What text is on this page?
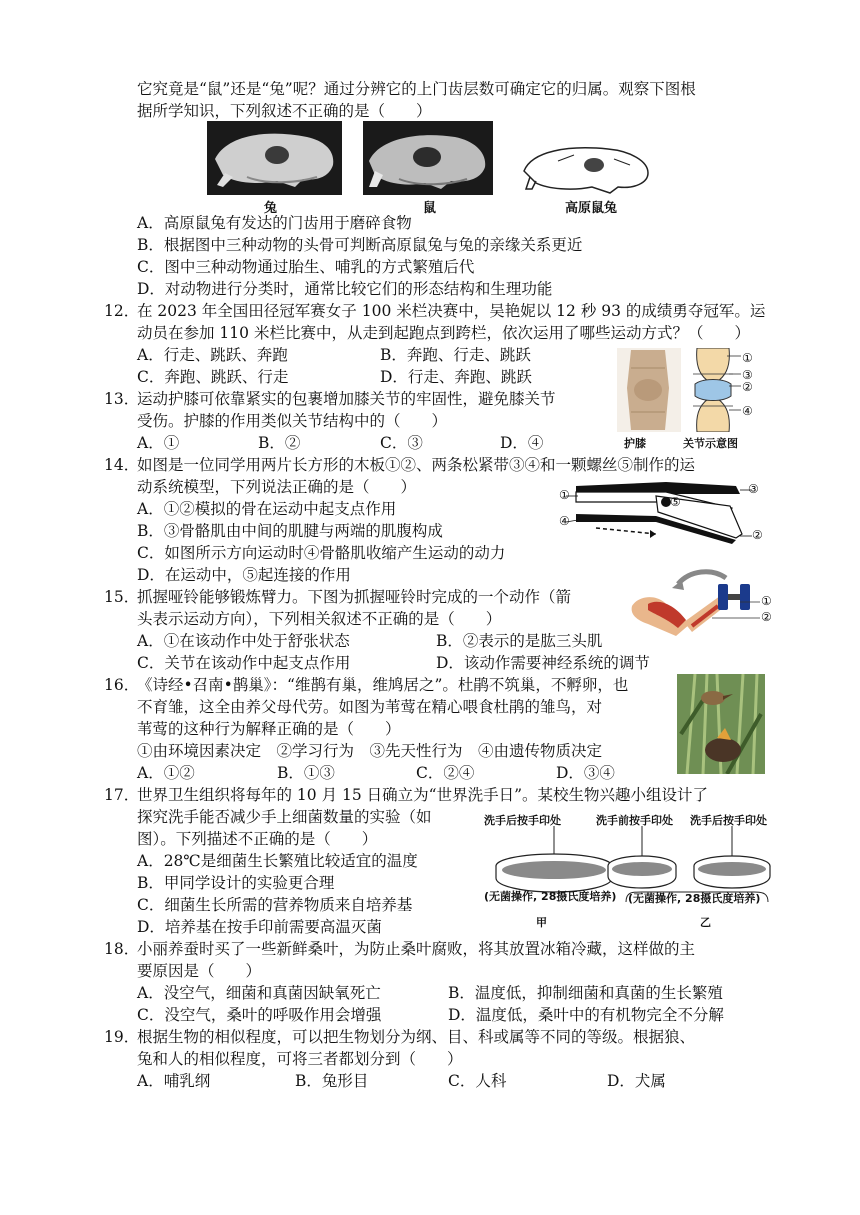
它究竟是“鼠”还是“兔”呢？通过分辨它的上门齿层数可确定它的归属。观察下图根
据所学知识，下列叙述不正确的是（　　）
兔	鼠	高原鼠兔
A．高原鼠兔有发达的门齿用于磨碎食物
B．根据图中三种动物的头骨可判断高原鼠兔与兔的亲缘关系更近
C．图中三种动物通过胎生、哺乳的方式繁殖后代
D．对动物进行分类时，通常比较它们的形态结构和生理功能
12．
在 2023 年全国田径冠军赛女子 100 米栏决赛中，吴艳妮以 12 秒 93 的成绩勇夺冠军。运
动员在参加 110 米栏比赛中，从走到起跑点到跨栏，依次运用了哪些运动方式？（　　）
A．行走、跳跃、奔跑	B．奔跑、行走、跳跃
C．奔跑、跳跃、行走	D．行走、奔跑、跳跃
①
③
②
④
护膝	关节示意图
13．
运动护膝可依靠紧实的包裹增加膝关节的牢固性，避免膝关节
受伤。护膝的作用类似关节结构中的（　　）
A．①	B．②	C．③	D．④
14．
如图是一位同学用两片长方形的木板①②、两条松紧带③④和一颗螺丝⑤制作的运
动系统模型，下列说法正确的是（　　）
A．①②模拟的骨在运动中起支点作用
B．③骨骼肌由中间的肌腱与两端的肌腹构成
C．如图所示方向运动时④骨骼肌收缩产生运动的动力
D．在运动中，⑤起连接的作用
①	⑤
③
④
②
15．
抓握哑铃能够锻炼臂力。下图为抓握哑铃时完成的一个动作（箭
头表示运动方向），下列相关叙述不正确的是（　　）
A．①在该动作中处于舒张状态	B．②表示的是肱三头肌
C．关节在该动作中起支点作用	D．该动作需要神经系统的调节
①
②
16．
《诗经•召南•鹊巢》：“维鹊有巢，维鸠居之”。杜鹃不筑巢，不孵卵，也
不育雏，这全由养父母代劳。如图为苇莺在精心喂食杜鹃的雏鸟，对
苇莺的这种行为解释正确的是（　　）
①由环境因素决定　②学习行为　③先天性行为　④由遗传物质决定
A．①②	B．①③	C．②④	D．③④
17．
世界卫生组织将每年的 10 月 15 日确立为“世界洗手日”。某校生物兴趣小组设计了
探究洗手能否减少手上细菌数量的实验（如
图）。下列描述不正确的是（　　）
A．28℃是细菌生长繁殖比较适宜的温度
B．甲同学设计的实验更合理
C．细菌生长所需的营养物质来自培养基
D．培养基在按手印前需要高温灭菌
洗手后按手印处	洗手前按手印处 洗手后按手印处
(无菌操作, 28摄氏度培养) (无菌操作, 28摄氏度培养)
甲	乙
18．
小丽养蚕时买了一些新鲜桑叶，为防止桑叶腐败，将其放置冰箱冷藏，这样做的主
要原因是（　　）
A．没空气，细菌和真菌因缺氧死亡	B．温度低，抑制细菌和真菌的生长繁殖
C．没空气，桑叶的呼吸作用会增强	D．温度低，桑叶中的有机物完全不分解
19．
根据生物的相似程度，可以把生物划分为纲、目、科或属等不同的等级。根据狼、
兔和人的相似程度，可将三者都划分到（　　）
A．哺乳纲	B．兔形目	C．人科	D．犬属
